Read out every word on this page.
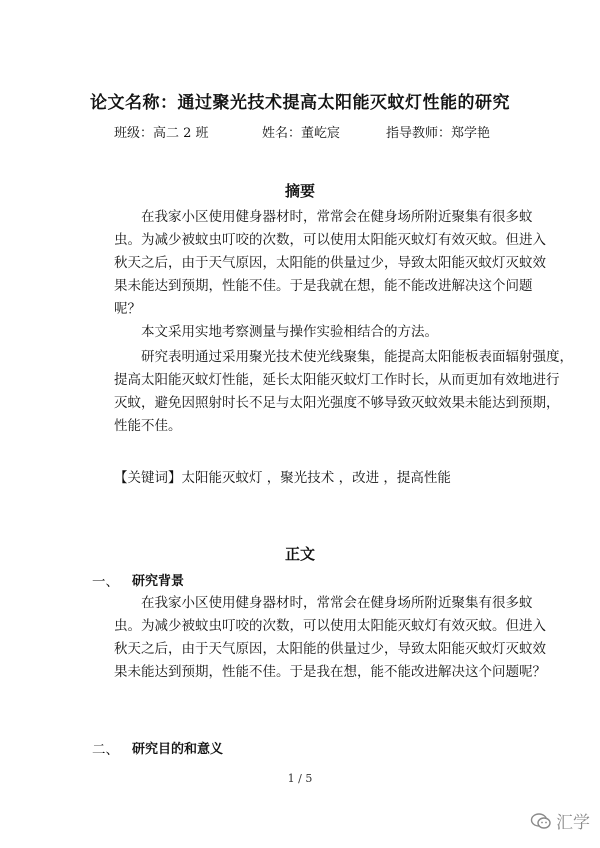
论文名称：通过聚光技术提高太阳能灭蚊灯性能的研究
班级：高二 2 班	姓名：董屹宸	指导教师：郑学艳
摘要
在我家小区使用健身器材时，常常会在健身场所附近聚集有很多蚊
虫。为减少被蚊虫叮咬的次数，可以使用太阳能灭蚊灯有效灭蚊。但进入
秋天之后，由于天气原因，太阳能的供量过少，导致太阳能灭蚊灯灭蚊效
果未能达到预期，性能不佳。于是我就在想，能不能改进解决这个问题
呢？
本文采用实地考察测量与操作实验相结合的方法。
研究表明通过采用聚光技术使光线聚集，能提高太阳能板表面辐射强度，
提高太阳能灭蚊灯性能，延长太阳能灭蚊灯工作时长，从而更加有效地进行
灭蚊，避免因照射时长不足与太阳光强度不够导致灭蚊效果未能达到预期，
性能不佳。
【关键词】太阳能灭蚊灯 ，聚光技术 ，改进 ，提高性能
正文
一、 研究背景
在我家小区使用健身器材时，常常会在健身场所附近聚集有很多蚊
虫。为减少被蚊虫叮咬的次数，可以使用太阳能灭蚊灯有效灭蚊。但进入
秋天之后，由于天气原因，太阳能的供量过少，导致太阳能灭蚊灯灭蚊效
果未能达到预期，性能不佳。于是我在想，能不能改进解决这个问题呢？
二、 研究目的和意义
1 / 5
汇学
